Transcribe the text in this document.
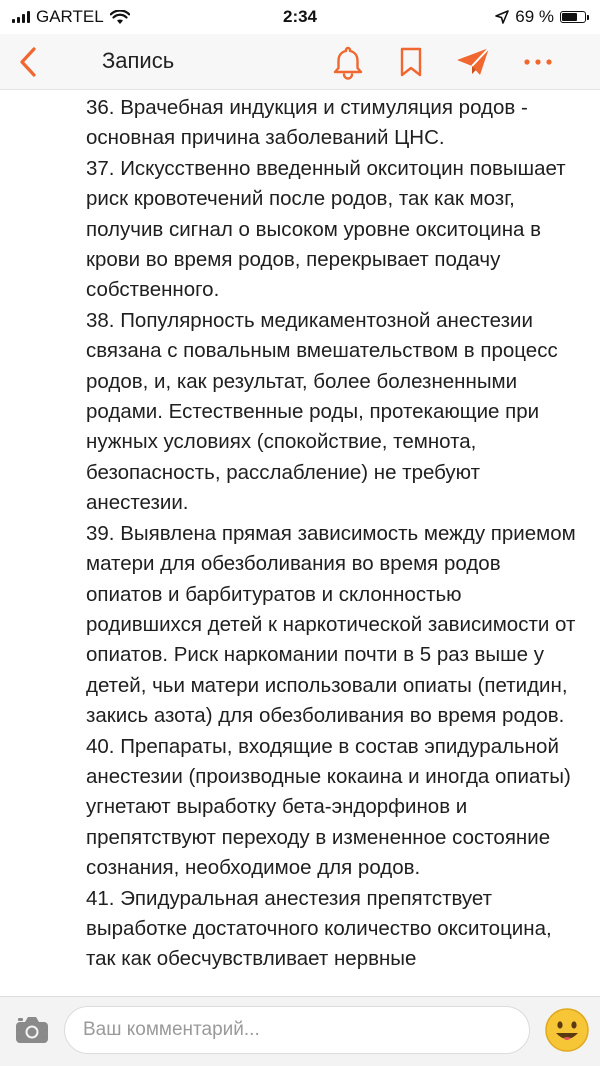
GARTEL	2:34	69 %
Запись

36. Врачебная индукция и стимуляция родов - основная причина заболеваний ЦНС.
37. Искусственно введенный окситоцин повышает риск кровотечений после родов, так как мозг, получив сигнал о высоком уровне окситоцина в крови во время родов, перекрывает подачу собственного.
38. Популярность медикаментозной анестезии связана с повальным вмешательством в процесс родов, и, как результат, более болезненными родами. Естественные роды, протекающие при нужных условиях (спокойствие, темнота, безопасность, расслабление) не требуют анестезии.
39. Выявлена прямая зависимость между приемом матери для обезболивания во время родов опиатов и барбитуратов и склонностью родившихся детей к наркотической зависимости от опиатов. Риск наркомании почти в 5 раз выше у детей, чьи матери использовали опиаты (петидин, закись азота) для обезболивания во время родов.
40. Препараты, входящие в состав эпидуральной анестезии (производные кокаина и иногда опиаты) угнетают выработку бета-эндорфинов и препятствуют переходу в измененное состояние сознания, необходимое для родов.
41. Эпидуральная анестезия препятствует выработке достаточного количество окситоцина, так как обесчувствливает нервные

Ваш комментарий...
